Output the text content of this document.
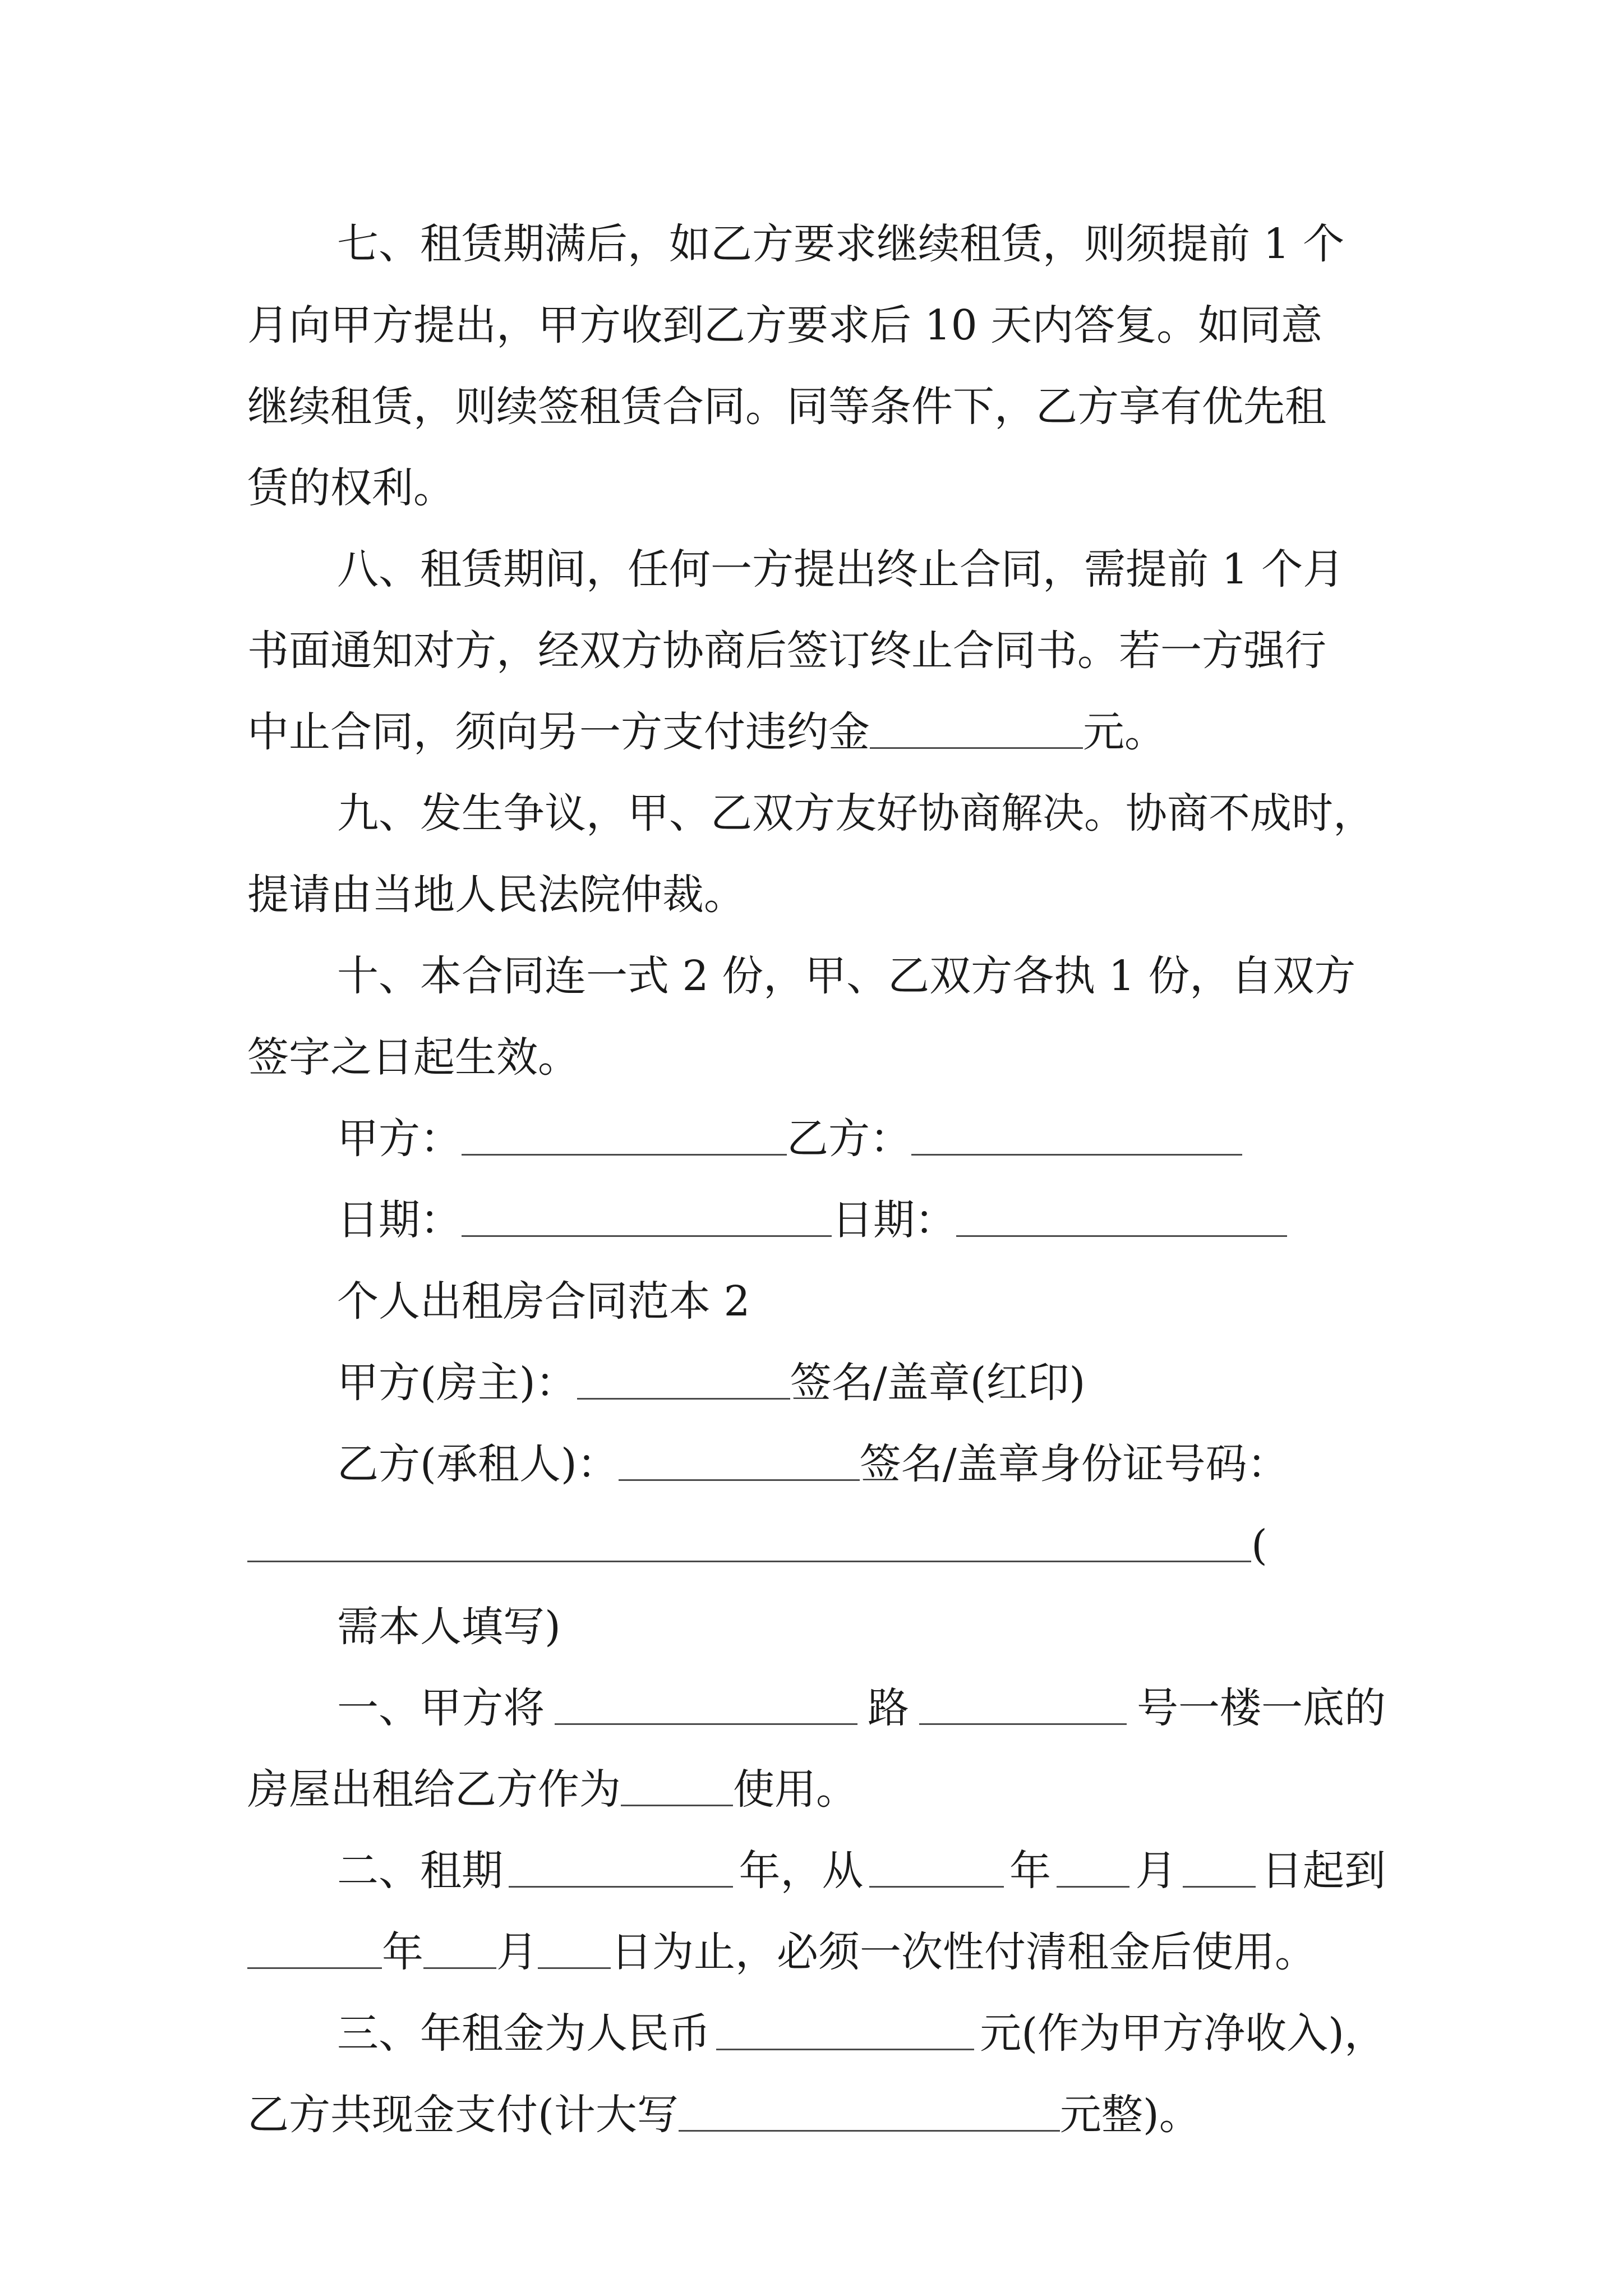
七、租赁期满后，如乙方要求继续租赁，则须提前 1 个
月向甲方提出，甲方收到乙方要求后 10 天内答复。如同意
继续租赁，则续签租赁合同。同等条件下，乙方享有优先租
赁的权利。
八、租赁期间，任何一方提出终止合同，需提前 1 个月
书面通知对方，经双方协商后签订终止合同书。若一方强行
中止合同，须向另一方支付违约金	元。
九、发生争议，甲、乙双方友好协商解决。协商不成时，
提请由当地人民法院仲裁。
十、本合同连一式 2 份，甲、乙双方各执 1 份，自双方
签字之日起生效。
甲方：	乙方：
日期：	日期：
个人出租房合同范本 2
甲方(房主)：	签名/盖章(红印)
乙方(承租人)：	签名/盖章身份证号码：
(
需本人填写)
一、甲方将	路	号一楼一底的
房屋出租给乙方作为	使用。
二、租期	年，从	年 月 日起到
年 月 日为止，必须一次性付清租金后使用。
三、年租金为人民币	元(作为甲方净收入)，
乙方共现金支付(计大写	元整)。
